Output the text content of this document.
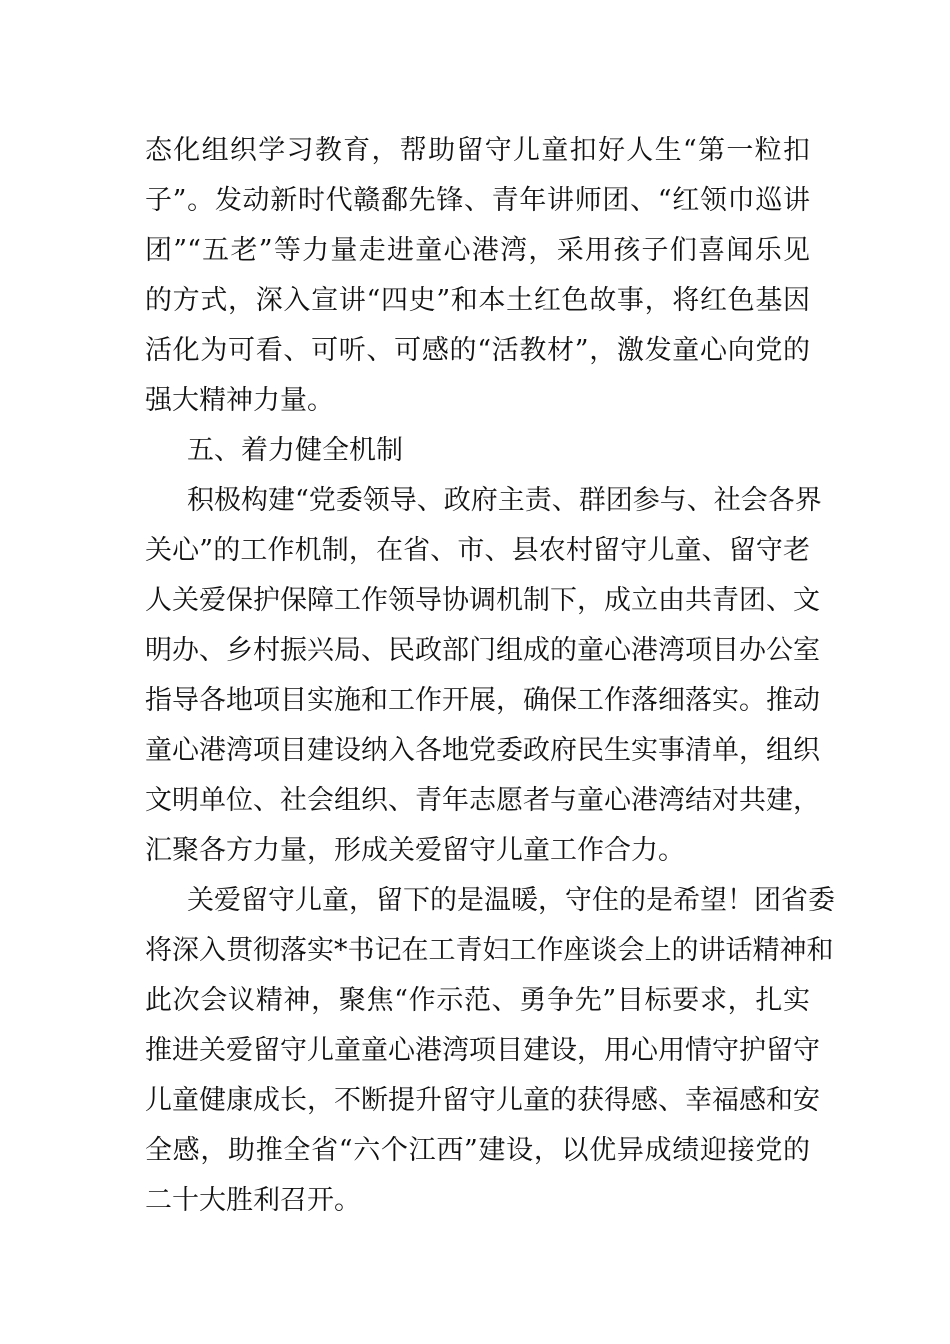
态化组织学习教育，帮助留守儿童扣好人生“第一粒扣
子”。发动新时代赣鄱先锋、青年讲师团、“红领巾巡讲
团”“五老”等力量走进童心港湾，采用孩子们喜闻乐见
的方式，深入宣讲“四史”和本土红色故事，将红色基因
活化为可看、可听、可感的“活教材”，激发童心向党的
强大精神力量。
五、着力健全机制
积极构建“党委领导、政府主责、群团参与、社会各界
关心”的工作机制，在省、市、县农村留守儿童、留守老
人关爱保护保障工作领导协调机制下，成立由共青团、文
明办、乡村振兴局、民政部门组成的童心港湾项目办公室
指导各地项目实施和工作开展，确保工作落细落实。推动
童心港湾项目建设纳入各地党委政府民生实事清单，组织
文明单位、社会组织、青年志愿者与童心港湾结对共建，
汇聚各方力量，形成关爱留守儿童工作合力。
关爱留守儿童，留下的是温暖，守住的是希望！团省委
将深入贯彻落实*书记在工青妇工作座谈会上的讲话精神和
此次会议精神，聚焦“作示范、勇争先”目标要求，扎实
推进关爱留守儿童童心港湾项目建设，用心用情守护留守
儿童健康成长，不断提升留守儿童的获得感、幸福感和安
全感，助推全省“六个江西”建设，以优异成绩迎接党的
二十大胜利召开。
